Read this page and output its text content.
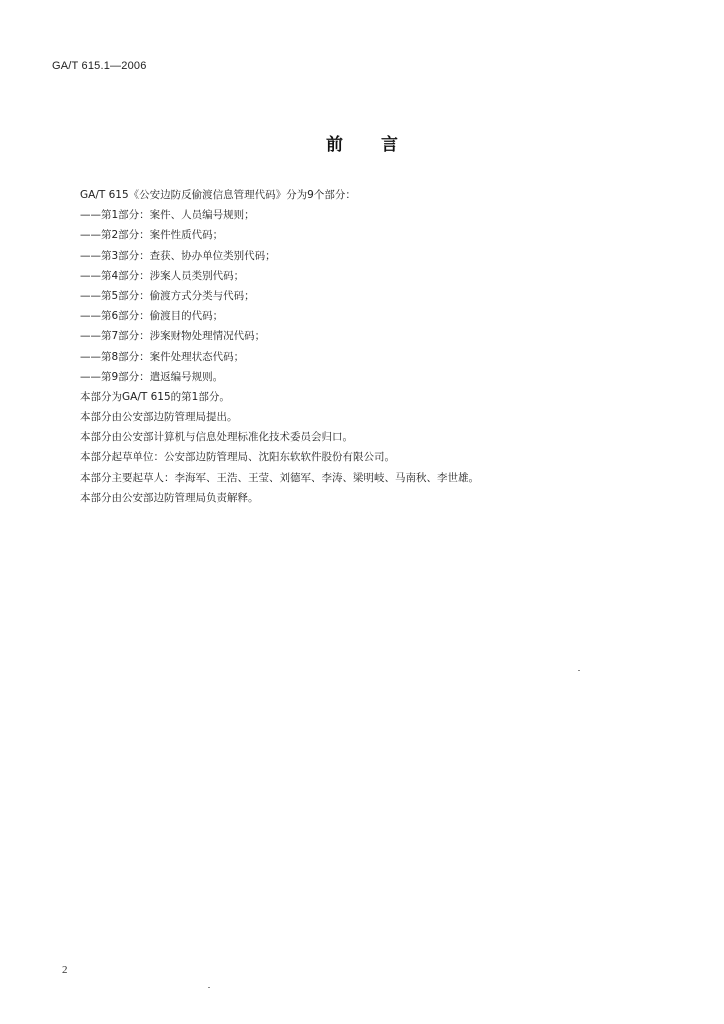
GA/T 615.1—2006
前言
GA/T 615《公安边防反偷渡信息管理代码》分为9个部分：
——第1部分：案件、人员编号规则；
——第2部分：案件性质代码；
——第3部分：查获、协办单位类别代码；
——第4部分：涉案人员类别代码；
——第5部分：偷渡方式分类与代码；
——第6部分：偷渡目的代码；
——第7部分：涉案财物处理情况代码；
——第8部分：案件处理状态代码；
——第9部分：遣返编号规则。
本部分为GA/T 615的第1部分。
本部分由公安部边防管理局提出。
本部分由公安部计算机与信息处理标准化技术委员会归口。
本部分起草单位：公安部边防管理局、沈阳东软软件股份有限公司。
本部分主要起草人：李海军、王浩、王莹、刘德军、李涛、梁明岐、马南秋、李世雄。
本部分由公安部边防管理局负责解释。
2
